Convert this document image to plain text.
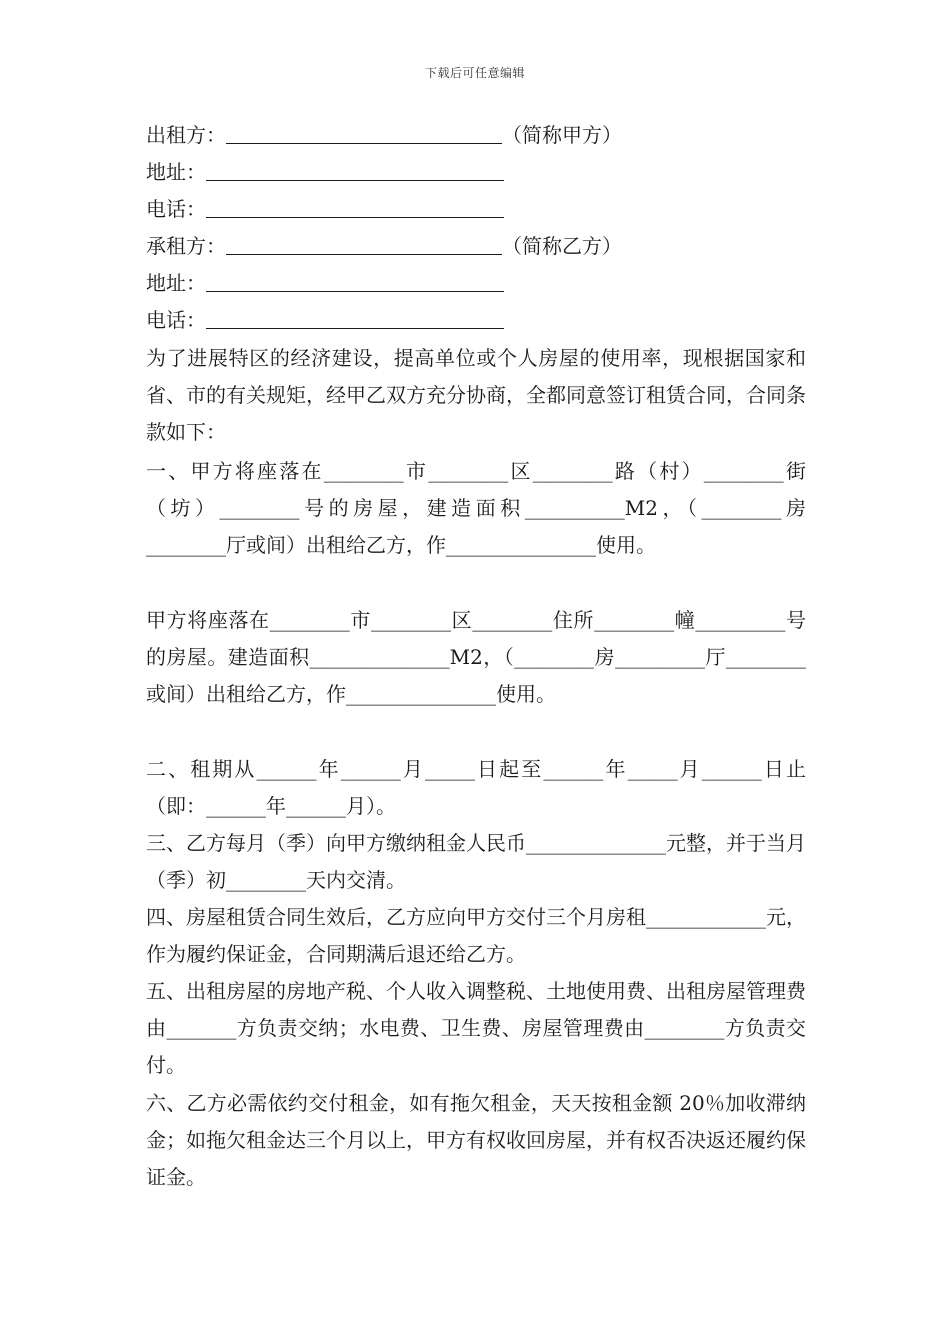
下载后可任意编辑
出租方：	（简称甲方）
地址：
电话：
承租方：	（简称乙方）
地址：
电话：
为了进展特区的经济建设，提高单位或个人房屋的使用率，现根据国家和省、市的有关规矩，经甲乙双方充分协商，全都同意签订租赁合同，合同条款如下：
一、甲方将座落在________市________区________路（村）________街（坊）________号的房屋，建造面积__________M2，（________房________厅或间）出租给乙方，作_______________使用。
甲方将座落在________市________区________住所________幢_________号的房屋。建造面积______________M2，（________房_________厅________或间）出租给乙方，作_______________使用。
二、租期从______年______月_____日起至______年_____月______日止（即：______年______月）。
三、乙方每月（季）向甲方缴纳租金人民币______________元整，并于当月（季）初________天内交清。
四、房屋租赁合同生效后，乙方应向甲方交付三个月房租____________元，作为履约保证金，合同期满后退还给乙方。
五、出租房屋的房地产税、个人收入调整税、土地使用费、出租房屋管理费由_______方负责交纳；水电费、卫生费、房屋管理费由________方负责交付。
六、乙方必需依约交付租金，如有拖欠租金，天天按租金额 20％加收滞纳金；如拖欠租金达三个月以上，甲方有权收回房屋，并有权否决返还履约保证金。
